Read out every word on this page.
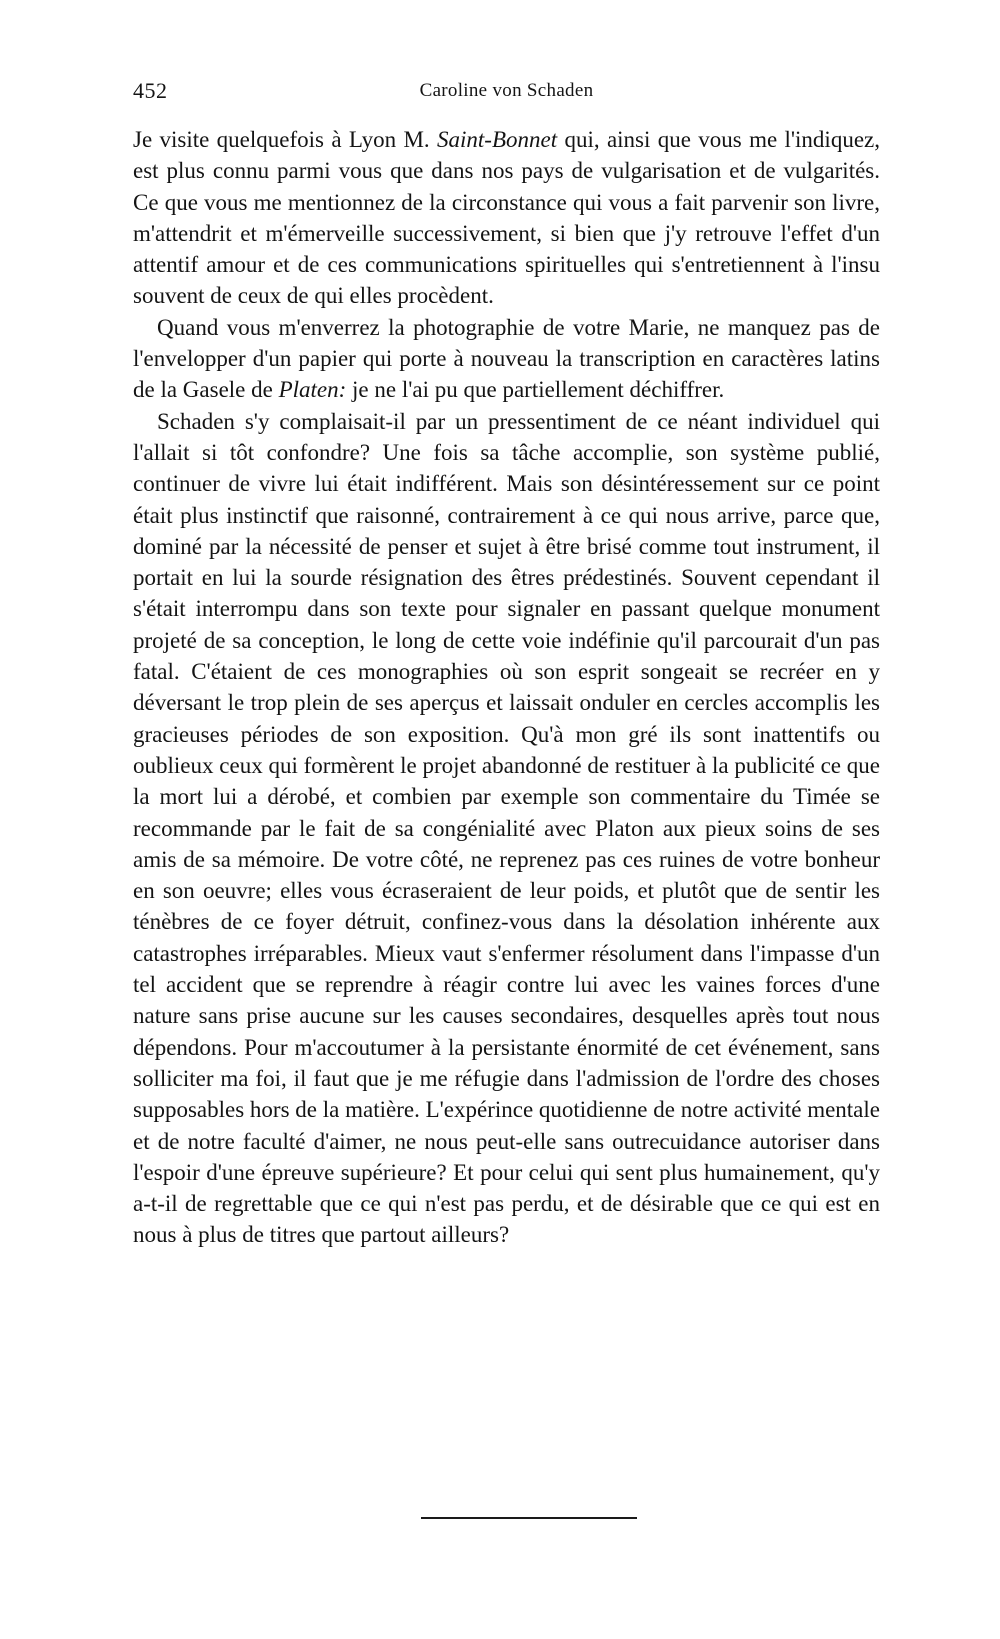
452	Caroline von Schaden

Je visite quelquefois à Lyon M. Saint-Bonnet qui, ainsi que vous me l'indiquez, est plus connu parmi vous que dans nos pays de vulgarisation et de vulgarités. Ce que vous me mentionnez de la circonstance qui vous a fait parvenir son livre, m'attendrit et m'émerveille successivement, si bien que j'y retrouve l'effet d'un attentif amour et de ces communications spirituelles qui s'entretiennent à l'insu souvent de ceux de qui elles procèdent.

Quand vous m'enverrez la photographie de votre Marie, ne manquez pas de l'envelopper d'un papier qui porte à nouveau la transcription en caractères latins de la Gasele de Platen: je ne l'ai pu que partiellement déchiffrer.

Schaden s'y complaisait-il par un pressentiment de ce néant individuel qui l'allait si tôt confondre? Une fois sa tâche accomplie, son système publié, continuer de vivre lui était indifférent. Mais son désintéressement sur ce point était plus instinctif que raisonné, contrairement à ce qui nous arrive, parce que, dominé par la nécessité de penser et sujet à être brisé comme tout instrument, il portait en lui la sourde résignation des êtres prédestinés. Souvent cependant il s'était interrompu dans son texte pour signaler en passant quelque monument projeté de sa conception, le long de cette voie indéfinie qu'il parcourait d'un pas fatal. C'étaient de ces monographies où son esprit songeait se recréer en y déversant le trop plein de ses aperçus et laissait onduler en cercles accomplis les gracieuses périodes de son exposition. Qu'à mon gré ils sont inattentifs ou oublieux ceux qui formèrent le projet abandonné de restituer à la publicité ce que la mort lui a dérobé, et combien par exemple son commentaire du Timée se recommande par le fait de sa congénialité avec Platon aux pieux soins de ses amis de sa mémoire. De votre côté, ne reprenez pas ces ruines de votre bonheur en son oeuvre; elles vous écraseraient de leur poids, et plutôt que de sentir les ténèbres de ce foyer détruit, confinez-vous dans la désolation inhérente aux catastrophes irréparables. Mieux vaut s'enfermer résolument dans l'impasse d'un tel accident que se reprendre à réagir contre lui avec les vaines forces d'une nature sans prise aucune sur les causes secondaires, desquelles après tout nous dépendons. Pour m'accoutumer à la persistante énormité de cet événement, sans solliciter ma foi, il faut que je me réfugie dans l'admission de l'ordre des choses supposables hors de la matière. L'expérince quotidienne de notre activité mentale et de notre faculté d'aimer, ne nous peut-elle sans outrecuidance autoriser dans l'espoir d'une épreuve supérieure? Et pour celui qui sent plus humainement, qu'y a-t-il de regrettable que ce qui n'est pas perdu, et de désirable que ce qui est en nous à plus de titres que partout ailleurs?
